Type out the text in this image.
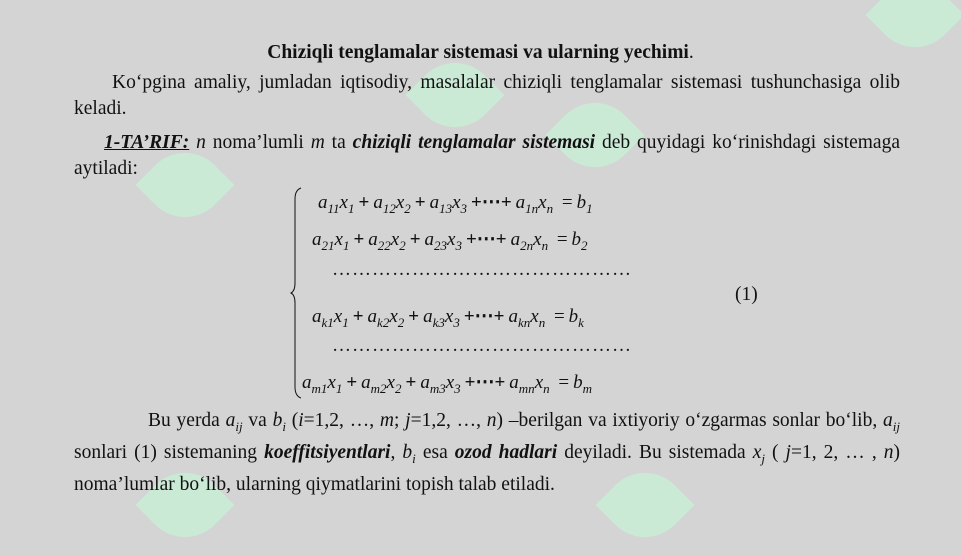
Chiziqli tenglamalar sistemasi va ularning yechimi.
Ko‘pgina amaliy, jumladan iqtisodiy, masalalar chiziqli tenglamalar sistemasi tushunchasiga olib keladi.
1-TA’RIF: n noma’lumli m ta chiziqli tenglamalar sistemasi deb quyidagi ko‘rinishdagi sistemaga aytiladi:
$a_{11}x_1 + a_{12}x_2 + a_{13}x_3$ +⋯+ $a_{1n}x_n = b_1$
$a_{21}x_1 + a_{22}x_2 + a_{23}x_3$ +⋯+ $a_{2n}x_n = b_2$
………………………………………
$a_{k1}x_1 + a_{k2}x_2 + a_{k3}x_3$ +⋯+ $a_{kn}x_n = b_k$
………………………………………
$a_{m1}x_1 + a_{m2}x_2 + a_{m3}x_3$ +⋯+ $a_{mn}x_n = b_m$
(1)
Bu yerda $a_{ij}$ va $b_i$ (i=1,2, …, m; j=1,2, …, n) –berilgan va ixtiyoriy o‘zgarmas sonlar bo‘lib, $a_{ij}$ sonlari (1) sistemaning koeffitsiyentlari, $b_i$ esa ozod hadlari deyiladi. Bu sistemada $x_j$ ( j=1, 2, … , n) noma’lumlar bo‘lib, ularning qiymatlarini topish talab etiladi.
